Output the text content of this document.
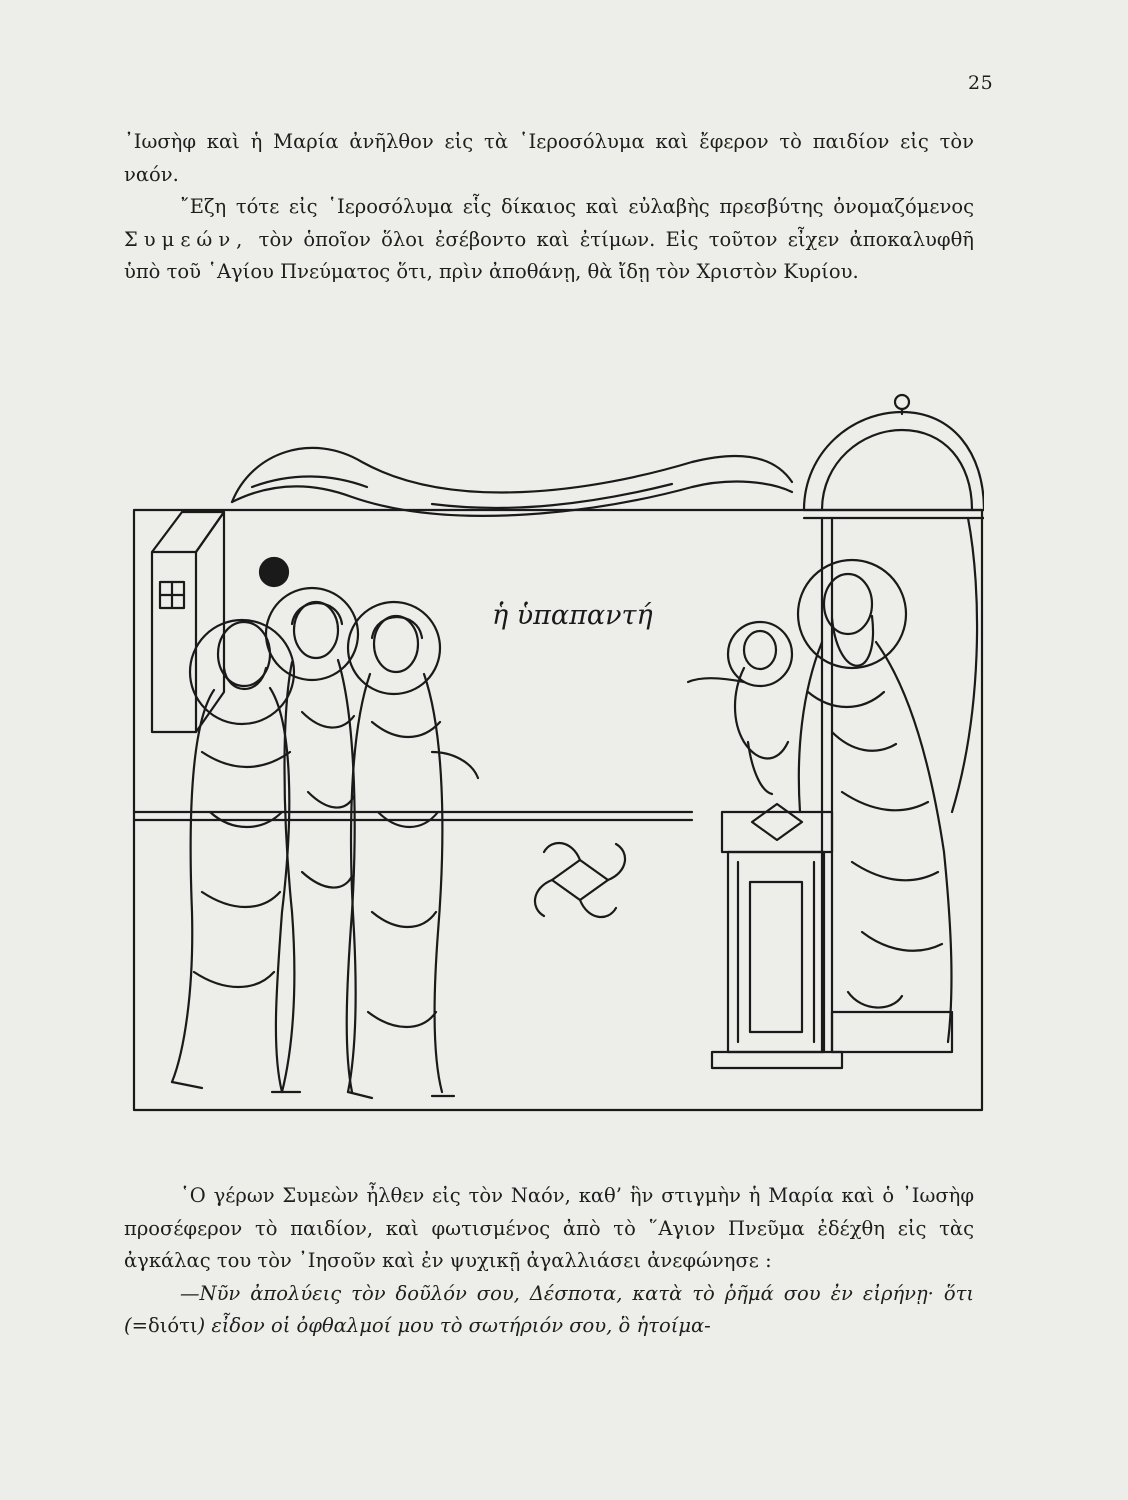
25

᾿Ιωσὴφ καὶ ἡ Μαρία ἀνῆλθον εἰς τὰ ῾Ιεροσόλυμα καὶ ἔφερον τὸ παιδίον εἰς τὸν ναόν.

῎Εζη τότε εἰς ῾Ιεροσόλυμα εἷς δίκαιος καὶ εὐλαβὴς πρεσβύτης ὀνομαζόμενος Συμεών, τὸν ὁποῖον ὅλοι ἐσέβοντο καὶ ἐτίμων. Εἰς τοῦτον εἶχεν ἀποκαλυφθῆ ὑπὸ τοῦ ῾Αγίου Πνεύματος ὅτι, πρὶν ἀποθάνῃ, θὰ ἴδῃ τὸν Χριστὸν Κυρίου.

ἡ ὑπαπαντή

῾Ο γέρων Συμεὼν ἦλθεν εἰς τὸν Ναόν, καθ’ ἣν στιγμὴν ἡ Μαρία καὶ ὁ ᾿Ιωσὴφ προσέφερον τὸ παιδίον, καὶ φωτισμένος ἀπὸ τὸ ῞Αγιον Πνεῦμα ἐδέχθη εἰς τὰς ἀγκάλας του τὸν ᾿Ιησοῦν καὶ ἐν ψυχικῇ ἀγαλλιάσει ἀνεφώνησε :

—Νῦν ἀπολύεις τὸν δοῦλόν σου, Δέσποτα, κατὰ τὸ ῥῆμά σου ἐν εἰρήνῃ· ὅτι (=διότι) εἶδον οἱ ὀφθαλμοί μου τὸ σωτήριόν σου, ὃ ἡτοίμα-
